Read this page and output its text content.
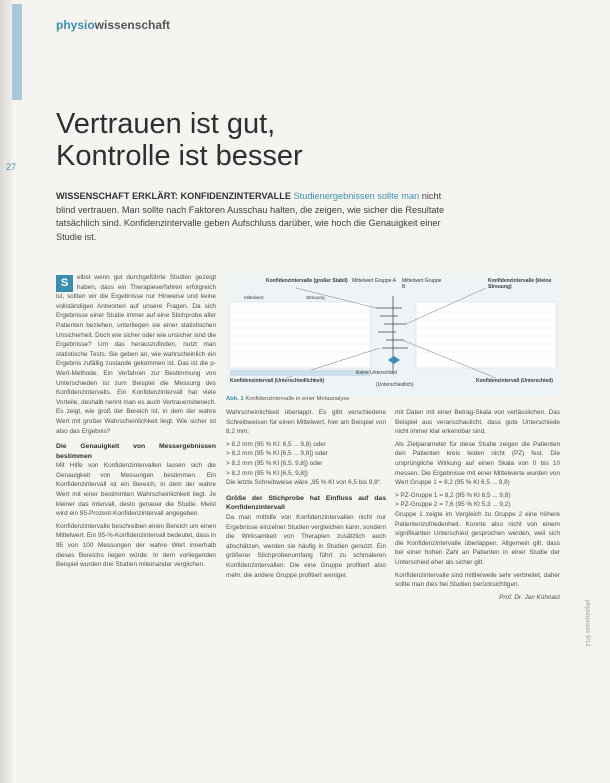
physiowissenschaft
27
Vertrauen ist gut,
Kontrolle ist besser
WISSENSCHAFT ERKLÄRT: KONFIDENZINTERVALLE Studienergebnissen sollte man nicht blind vertrauen. Man sollte nach Faktoren Ausschau halten, die zeigen, wie sicher die Resultate tatsächlich sind. Konfidenzintervalle geben Aufschluss darüber, wie hoch die Genauigkeit einer Studie ist.

S	elbst wenn gut durchgeführte Studien gezeigt haben, dass ein Therapieverfahren erfolgreich ist, sollten wir die Ergebnisse nur Hinweise und keine vollständigen Antworten auf unsere Fragen. Da sich Ergebnisse einer Studie immer auf eine Stichprobe aller Patienten beziehen, unterliegen sie einer statistischen Unsicherheit. Doch wie sicher oder wie unsicher sind die Ergebnisse? Um das herauszufinden, nutzt man statistische Tests. Sie geben an, wie wahrscheinlich ein Ergebnis zufällig zustande gekommen ist. Das ist die p-Wert-Methode. Ein Verfahren zur Bestimmung von Unterschieden ist zum Beispiel die Messung des Konfidenzintervalls. Ein Konfidenzintervall hat viele Vorteile, deshalb nennt man es auch Vertrauensbereich. Es zeigt, wie groß der Bereich ist, in dem der wahre Wert mit großer Wahrscheinlichkeit liegt. Wie sicher ist also das Ergebnis?

Die Genauigkeit von Messergebnissen bestimmen

Mit Hilfe von Konfidenzintervallen lassen sich die Genauigkeit von Messungen bestimmen. Ein Konfidenzintervall ist ein Bereich, in dem der wahre Wert mit einer bestimmten Wahrscheinlichkeit liegt. Je kleiner das Intervall, desto genauer die Studie. Meist wird ein 95-Prozent-Konfidenzintervall angegeben.

Konfidenzintervalle beschreiben einen Bereich um einen Mittelwert. Ein 95-%-Konfidenzintervall bedeutet, dass in 95 von 100 Messungen der wahre Wert innerhalb dieses Bereichs liegen würde. In dem vorliegenden Beispiel wurden drei Studien miteinander verglichen.

Konfidenzintervalle (großer Stabil) Mittelwert Gruppe A	Mittelwert Gruppe B
Konfidenzintervalle (kleine Streuung)
Mittelwert	Streuung
Konfidenzintervall (Unterschiedlichkeit)
Keine Unterschied
(Unterschiedlich)
Konfidenzintervall (Unterschied)
Abb. 1 Konfidenzintervalle in einer Metaanalyse

Wahrscheinlichkeit überlappt. Es gibt verschiedene Schreibweisen für einen Mittelwert, hier am Beispiel von 8,2 mm:

> 8,2 mm (95 % KI: 6,5 ... 9,8) oder
> 8,2 mm (95 % KI [6,5 ... 9,8]) oder
> 8,2 mm (95 % KI [6,5; 9,8]) oder
> 8,2 mm (95 % KI [6,5, 9,8])

Die letzte Schreibweise wäre „95 % KI von 6,5 bis 9,8“.

Größe der Stichprobe hat Einfluss auf das Konfidenzintervall

Da man mithilfe von Konfidenzintervallen nicht nur Ergebnisse einzelner Studien vergleichen kann, sondern die Wirksamkeit von Therapien zusätzlich auch abschätzen, werden sie häufig in Studien genutzt. Ein größerer Stichprobenumfang führt zu schmaleren Konfidenzintervallen. Die eine Gruppe profitiert also mehr, die andere Gruppe profitiert weniger.

mit Daten mit einer Betrag-Skala von verlässlichen. Das Beispiel aus veranschaulicht, dass gute Unterschiede nicht immer klar erkennbar sind.

Als Zielparameter für diese Studie zeigen die Patienten den Patienten kreis leiden nicht (PZ) fest. Die ursprüngliche Wirkung auf einen Skala von 0 bis 10 messen. Die Ergebnisse mit einer Mittelwerte wurden von Wert Gruppe 1 = 8,2 (95 % KI 6,5 ... 9,8)

> PZ-Gruppe 1 = 8,2 (95 % KI 6,5 ... 9,8)
> PZ-Gruppe 2 = 7,6 (95 % KI 5,3 ... 9,2)

Gruppe 1 zeigte im Vergleich zu Gruppe 2 eine höhere Patientenzufriedenheit. Konnte also nicht von einem signifikanten Unterschied gesprochen werden, weil sich die Konfidenzintervalle überlappen. Allgemein gilt, dass bei einer hohen Zahl an Patienten in einer Studie der Unterschied eher als sicher gilt.

Konfidenzintervalle sind mittlerweile sehr verbreitet, daher sollte man dies bei Studien berücksichtigen.

Prof. Dr. Jan Kühnast
physiopraxis 9/12
